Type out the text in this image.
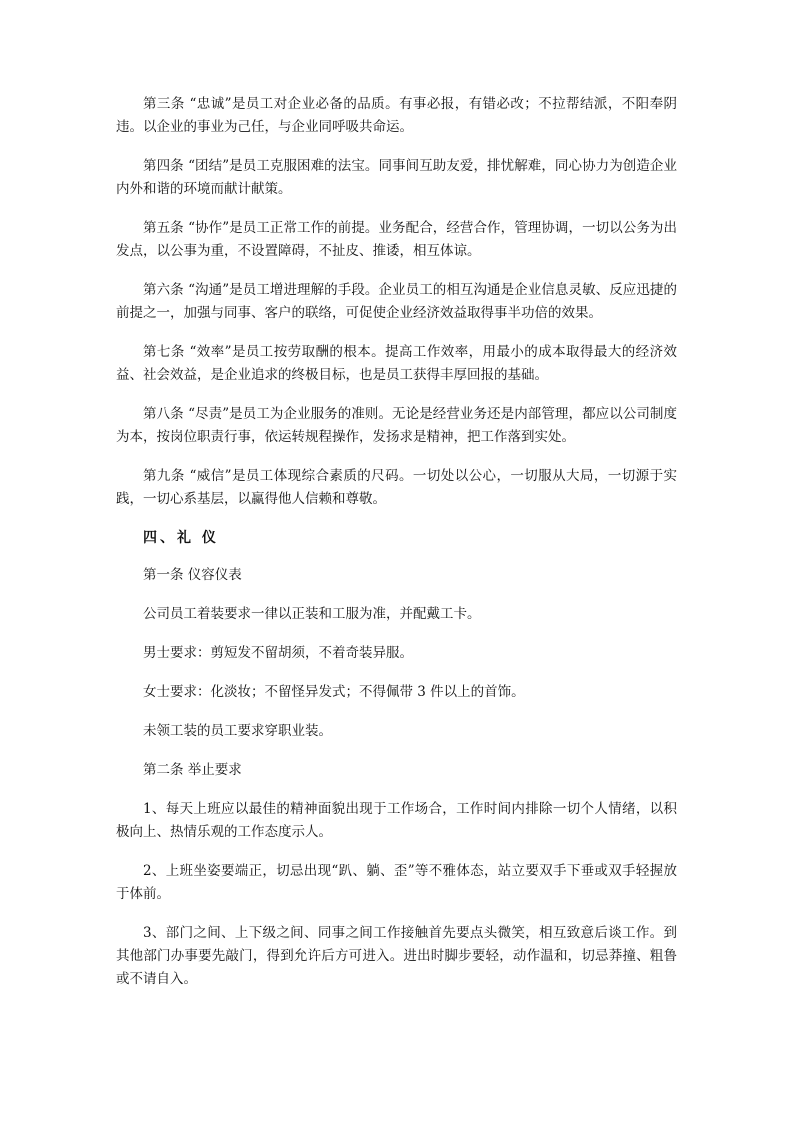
第三条 “忠诚”是员工对企业必备的品质。有事必报，有错必改；不拉帮结派，不阳奉阴违。以企业的事业为己任，与企业同呼吸共命运。

第四条 “团结”是员工克服困难的法宝。同事间互助友爱，排忧解难，同心协力为创造企业内外和谐的环境而献计献策。

第五条 “协作”是员工正常工作的前提。业务配合，经营合作，管理协调，一切以公务为出发点，以公事为重，不设置障碍，不扯皮、推诿，相互体谅。

第六条 “沟通”是员工增进理解的手段。企业员工的相互沟通是企业信息灵敏、反应迅捷的前提之一，加强与同事、客户的联络，可促使企业经济效益取得事半功倍的效果。

第七条 “效率”是员工按劳取酬的根本。提高工作效率，用最小的成本取得最大的经济效益、社会效益，是企业追求的终极目标，也是员工获得丰厚回报的基础。

第八条 “尽责”是员工为企业服务的准则。无论是经营业务还是内部管理，都应以公司制度为本，按岗位职责行事，依运转规程操作，发扬求是精神，把工作落到实处。

第九条 “威信”是员工体现综合素质的尺码。一切处以公心，一切服从大局，一切源于实践，一切心系基层，以赢得他人信赖和尊敬。

四、礼 仪

第一条 仪容仪表

公司员工着装要求一律以正装和工服为准，并配戴工卡。

男士要求：剪短发不留胡须，不着奇装异服。

女士要求：化淡妆；不留怪异发式；不得佩带 3 件以上的首饰。

未领工装的员工要求穿职业装。

第二条 举止要求

1、每天上班应以最佳的精神面貌出现于工作场合，工作时间内排除一切个人情绪，以积极向上、热情乐观的工作态度示人。

2、上班坐姿要端正，切忌出现“趴、躺、歪”等不雅体态，站立要双手下垂或双手轻握放于体前。

3、部门之间、上下级之间、同事之间工作接触首先要点头微笑，相互致意后谈工作。到其他部门办事要先敲门，得到允许后方可进入。进出时脚步要轻，动作温和，切忌莽撞、粗鲁或不请自入。
